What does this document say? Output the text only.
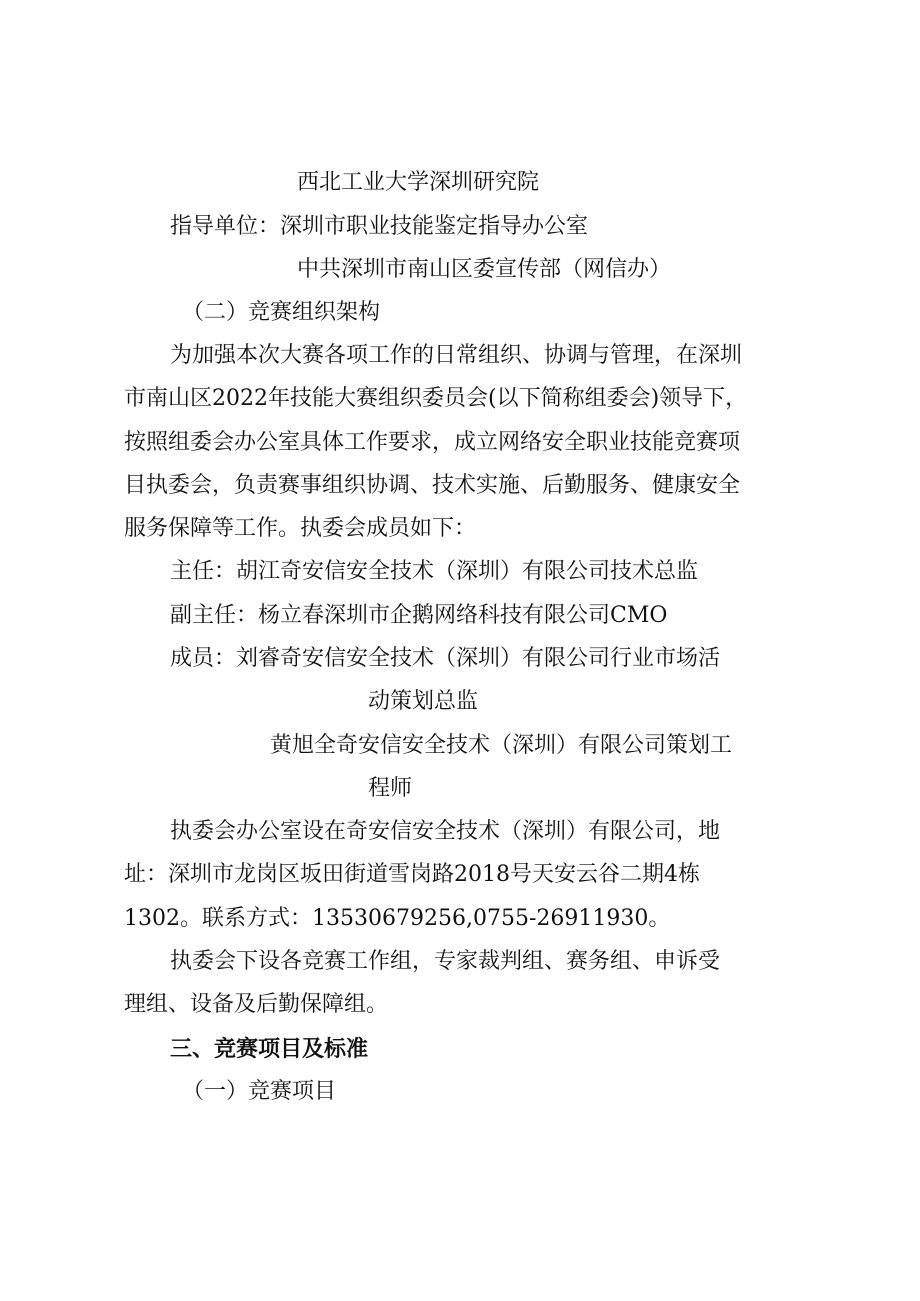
西北工业大学深圳研究院
指导单位：深圳市职业技能鉴定指导办公室
中共深圳市南山区委宣传部（网信办）
（二）竞赛组织架构
为加强本次大赛各项工作的日常组织、协调与管理，在深圳
市南山区2022年技能大赛组织委员会(以下简称组委会)领导下，
按照组委会办公室具体工作要求，成立网络安全职业技能竞赛项
目执委会，负责赛事组织协调、技术实施、后勤服务、健康安全
服务保障等工作。执委会成员如下：
主任：胡江奇安信安全技术（深圳）有限公司技术总监
副主任：杨立春深圳市企鹅网络科技有限公司CMO
成员：刘睿奇安信安全技术（深圳）有限公司行业市场活
动策划总监
黄旭全奇安信安全技术（深圳）有限公司策划工
程师
执委会办公室设在奇安信安全技术（深圳）有限公司，地
址：深圳市龙岗区坂田街道雪岗路2018号天安云谷二期4栋
1302。联系方式：13530679256,0755-26911930。
执委会下设各竞赛工作组，专家裁判组、赛务组、申诉受
理组、设备及后勤保障组。
三、竞赛项目及标准
（一）竞赛项目
